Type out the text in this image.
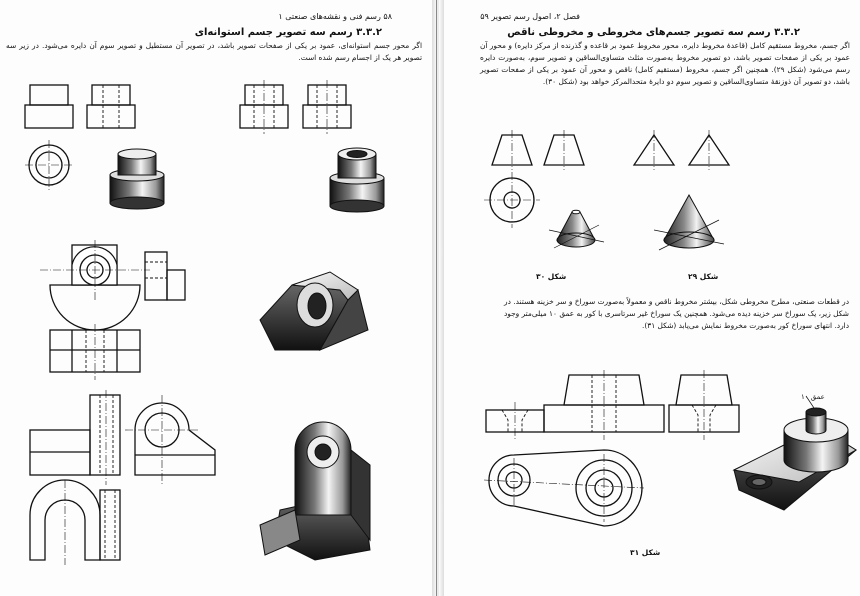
۵۸ رسم فنی و نقشه‌های صنعتی ۱
۳.۳.۲ رسم سه تصویر جسم استوانه‌ای
اگر محور جسم استوانه‌ای، عمود بر یکی از صفحات تصویر باشد، در تصویر آن مستطیل و تصویر سوم آن دایره می‌شود. در زیر سه تصویر هر یک از اجسام رسم شده است.
فصل ۲، اصول رسم تصویر ۵۹
۳.۳.۲ رسم سه تصویر جسم‌های مخروطی و مخروطی ناقص
اگر جسم، مخروط مستقیم کامل (قاعدهٔ مخروط دایره، محور مخروط عمود بر قاعده و گذرنده از مرکز دایره) و محور آن عمود بر یکی از صفحات تصویر باشد، دو تصویر مخروط به‌صورت مثلث متساوی‌الساقین و تصویر سوم، به‌صورت دایره رسم می‌شود (شکل ۲۹). همچنین اگر جسم، مخروط (مستقیم کامل) ناقص و محور آن عمود بر یکی از صفحات تصویر باشد، دو تصویر آن ذوزنقهٔ متساوی‌الساقین و تصویر سوم دو دایرهٔ متحدالمرکز خواهد بود (شکل ۳۰).
شکل ۳۰	شکل ۲۹
در قطعات صنعتی، مطرح مخروطی شکل، بیشتر مخروط ناقص و معمولاً به‌صورت سوراخ و سر خزینه هستند. در شکل زیر، یک سوراخ سر خزینه دیده می‌شود. همچنین یک سوراخ غیر سرتاسری با کور به عمق ۱۰ میلی‌متر وجود دارد. انتهای سوراخ کور به‌صورت مخروط نمایش می‌یابد (شکل ۳۱).
عمق ۱۰
شکل ۳۱
